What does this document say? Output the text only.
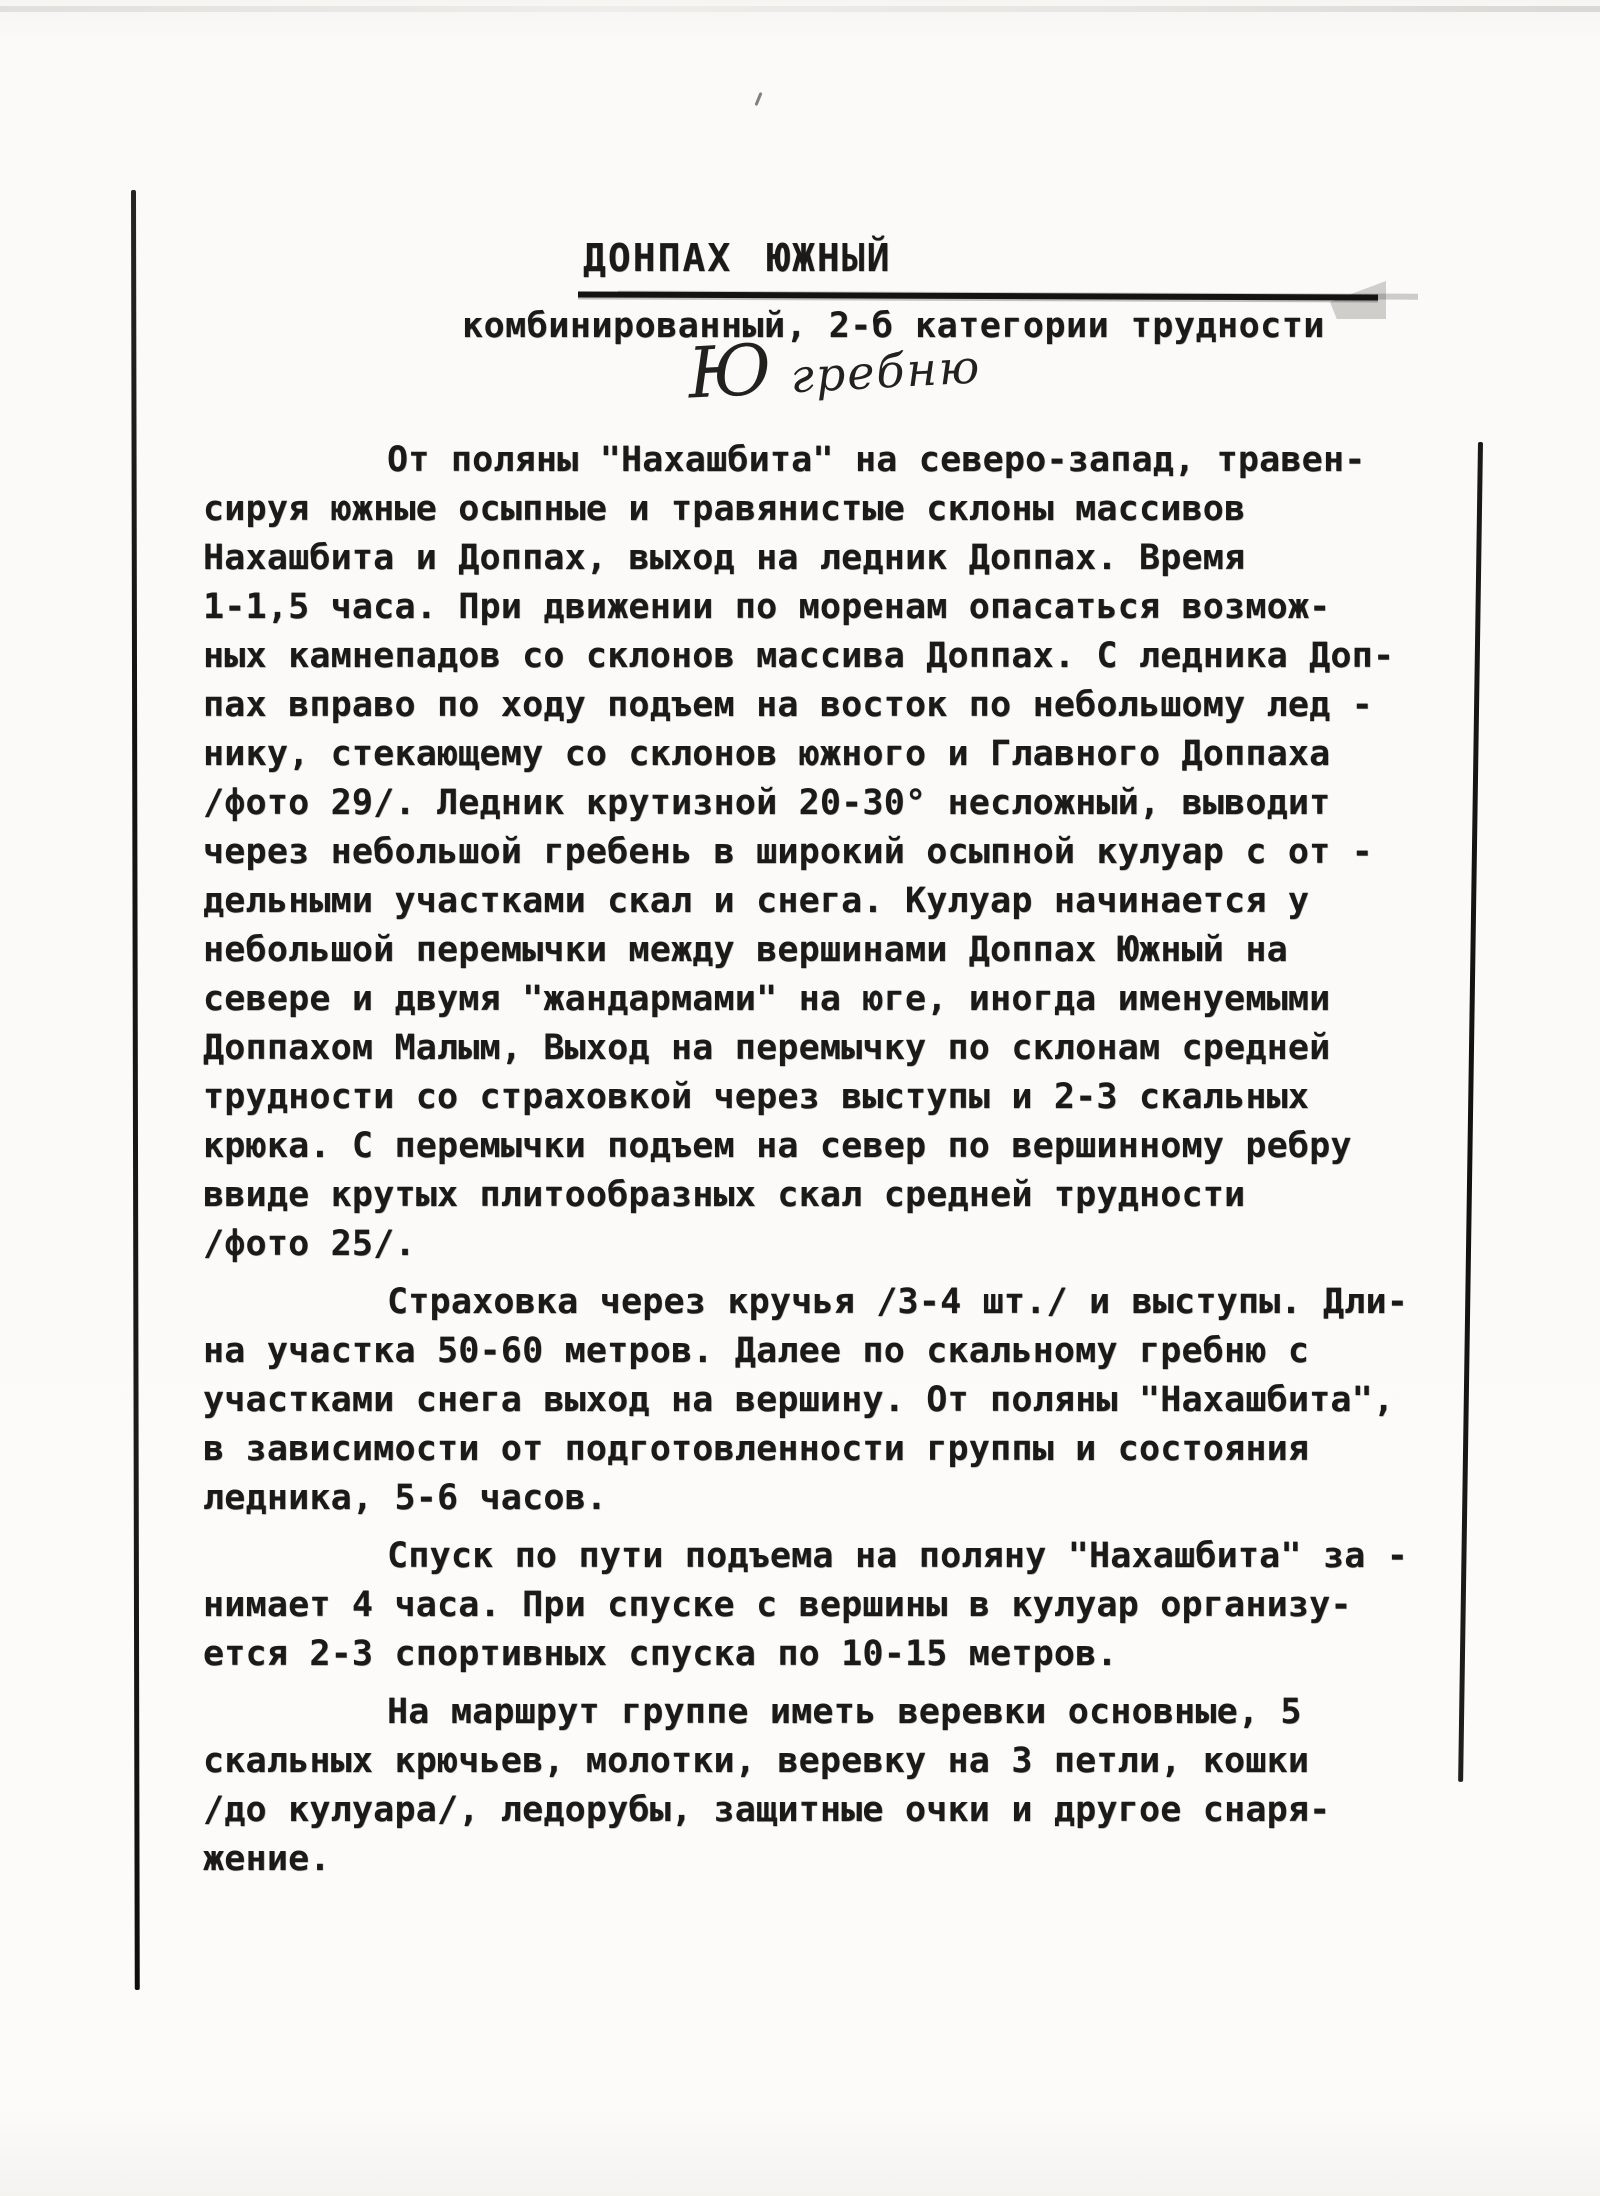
ДОНПАХ ЮЖНЫЙ
комбинированный, 2-б категории трудности
Ю гребню
От поляны "Нахашбита" на северо-запад, травен-
сируя южные осыпные и травянистые склоны массивов
Нахашбита и Доппах, выход на ледник Доппах. Время
1-1,5 часа. При движении по моренам опасаться возмож-
ных камнепадов со склонов массива Доппах. С ледника Доп-
пах вправо по ходу подъем на восток по небольшому лед -
нику, стекающему со склонов южного и Главного Доппаха
/фото 29/. Ледник крутизной 20-30° несложный, выводит
через небольшой гребень в широкий осыпной кулуар с от -
дельными участками скал и снега. Кулуар начинается у
небольшой перемычки между вершинами Доппах Южный на
севере и двумя "жандармами" на юге, иногда именуемыми
Доппахом Малым, Выход на перемычку по склонам средней
трудности со страховкой через выступы и 2-3 скальных
крюка. С перемычки подъем на север по вершинному ребру
ввиде крутых плитообразных скал средней трудности
/фото 25/.
Страховка через кручья /3-4 шт./ и выступы. Дли-
на участка 50-60 метров. Далее по скальному гребню с
участками снега выход на вершину. От поляны "Нахашбита",
в зависимости от подготовленности группы и состояния
ледника, 5-6 часов.
Спуск по пути подъема на поляну "Нахашбита" за -
нимает 4 часа. При спуске с вершины в кулуар организу-
ется 2-3 спортивных спуска по 10-15 метров.
На маршрут группе иметь веревки основные, 5
скальных крючьев, молотки, веревку на 3 петли, кошки
/до кулуара/, ледорубы, защитные очки и другое снаря-
жение.
